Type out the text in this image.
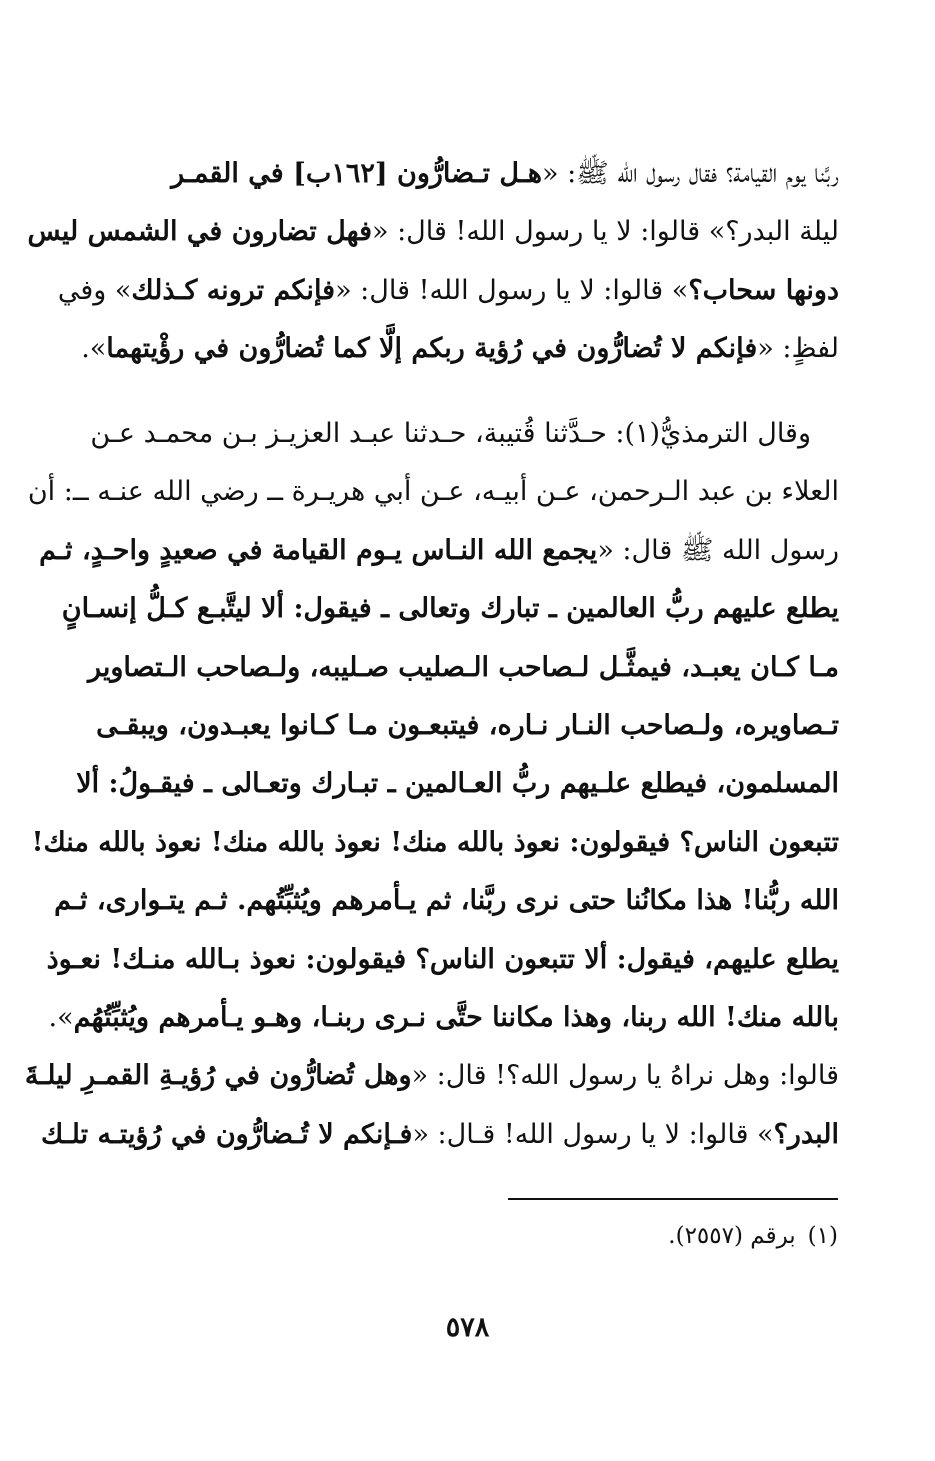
ربَّنا يوم القيامة؟ فقال رسول الله ﷺ: «هـل تـضارُّون [١٦٢ب] في القمـر
ليلة البدر؟» قالوا: لا يا رسول الله! قال: «فهل تضارون في الشمس ليس
دونها سحاب؟» قالوا: لا يا رسول الله! قال: «فإنكم ترونه كـذلك» وفي
لفظٍ: «فإنكم لا تُضارُّون في رُؤية ربكم إلَّا كما تُضارُّون في رؤْيتهما».
وقال الترمذيُّ(١): حـدَّثنا قُتيبة، حـدثنا عبـد العزيـز بـن محمـد عـن
العلاء بن عبد الـرحمن، عـن أبيـه، عـن أبي هريـرة ــ رضي الله عنـه ــ: أن
رسول الله ﷺ قال: «يجمع الله النـاس يـوم القيامة في صعيدٍ واحـدٍ، ثـم
يطلع عليهم ربُّ العالمين ـ تبارك وتعالى ـ فيقول: ألا ليتَّبـع كـلُّ إنسـانٍ
مـا كـان يعبـد، فيمثَّـل لـصاحب الـصليب صـليبه، ولـصاحب الـتصاوير
تـصاويره، ولـصاحب النـار نـاره، فيتبعـون مـا كـانوا يعبـدون، ويبقـى
المسلمون، فيطلع علـيهم ربُّ العـالمين ـ تبـارك وتعـالى ـ فيقـولُ: ألا
تتبعون الناس؟ فيقولون: نعوذ بالله منك! نعوذ بالله منك! نعوذ بالله منك!
الله ربُّنا! هذا مكانُنا حتى نرى ربَّنا، ثم يـأمرهم ويُثبِّتُهم. ثـم يتـوارى، ثـم
يطلع عليهم، فيقول: ألا تتبعون الناس؟ فيقولون: نعوذ بـالله منـك! نعـوذ
بالله منك! الله ربنا، وهذا مكاننا حتَّى نـرى ربنـا، وهـو يـأمرهم ويُثبِّتُهُم».
قالوا: وهل نراهُ يا رسول الله؟! قال: «وهل تُضارُّون في رُؤيـةِ القمـرِ ليلـةَ
البدر؟» قالوا: لا يا رسول الله! قـال: «فـإنكم لا تُـضارُّون في رُؤيتـه تلـك
(١)برقم (٢٥٥٧).
٥٧٨
